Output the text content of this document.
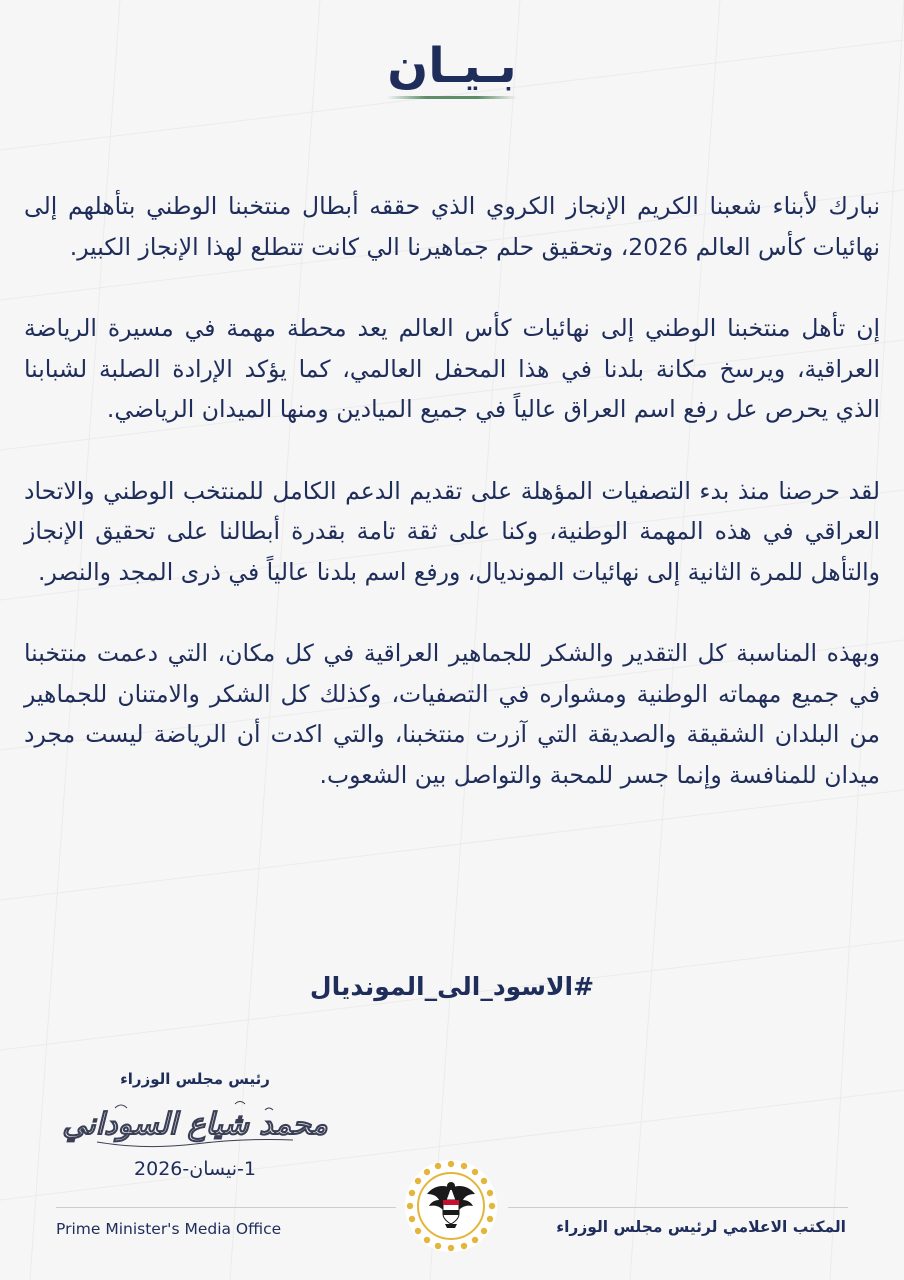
بـيـان

نبارك لأبناء شعبنا الكريم الإنجاز الكروي الذي حققه أبطال منتخبنا الوطني بتأهلهم إلى نهائيات كأس العالم 2026، وتحقيق حلم جماهيرنا الي كانت تتطلع لهذا الإنجاز الكبير.

إن تأهل منتخبنا الوطني إلى نهائيات كأس العالم يعد محطة مهمة في مسيرة الرياضة العراقية، ويرسخ مكانة بلدنا في هذا المحفل العالمي، كما يؤكد الإرادة الصلبة لشبابنا الذي يحرص عل رفع اسم العراق عالياً في جميع الميادين ومنها الميدان الرياضي.

لقد حرصنا منذ بدء التصفيات المؤهلة على تقديم الدعم الكامل للمنتخب الوطني والاتحاد العراقي في هذه المهمة الوطنية، وكنا على ثقة تامة بقدرة أبطالنا على تحقيق الإنجاز والتأهل للمرة الثانية إلى نهائيات المونديال، ورفع اسم بلدنا عالياً في ذرى المجد والنصر.

وبهذه المناسبة كل التقدير والشكر للجماهير العراقية في كل مكان، التي دعمت منتخبنا في جميع مهماته الوطنية ومشواره في التصفيات، وكذلك كل الشكر والامتنان للجماهير من البلدان الشقيقة والصديقة التي آزرت منتخبنا، والتي اكدت أن الرياضة ليست مجرد ميدان للمنافسة وإنما جسر للمحبة والتواصل بين الشعوب.

#الاسود_الى_المونديال
رئيس مجلس الوزراء
محمد شياع السوداني
1-نيسان-2026
Prime Minister's Media Office	المكتب الاعلامي لرئيس مجلس الوزراء
